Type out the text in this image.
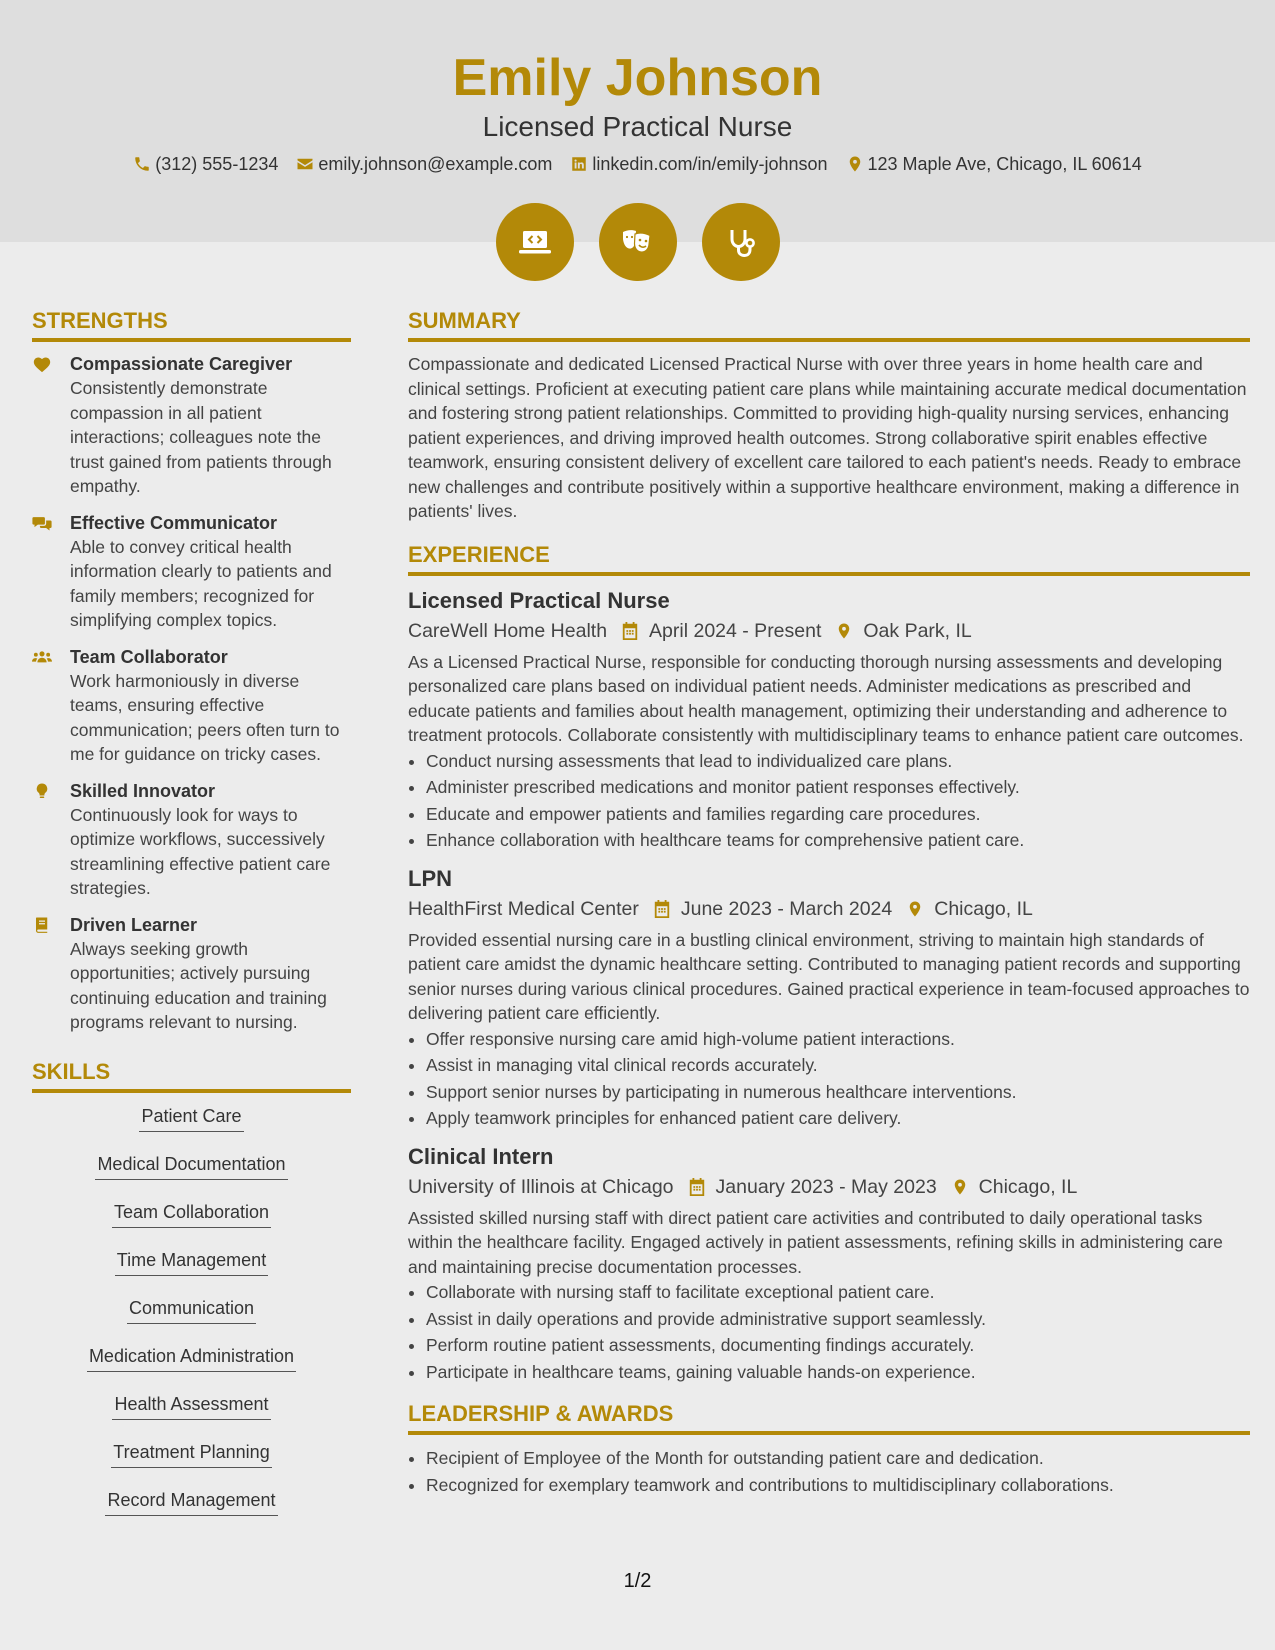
Emily Johnson
Licensed Practical Nurse
(312) 555-1234 emily.johnson@example.com linkedin.com/in/emily-johnson 123 Maple Ave, Chicago, IL 60614
STRENGTHS
Compassionate Caregiver
Consistently demonstrate compassion in all patient interactions; colleagues note the trust gained from patients through empathy.
Effective Communicator
Able to convey critical health information clearly to patients and family members; recognized for simplifying complex topics.
Team Collaborator
Work harmoniously in diverse teams, ensuring effective communication; peers often turn to me for guidance on tricky cases.
Skilled Innovator
Continuously look for ways to optimize workflows, successively streamlining effective patient care strategies.
Driven Learner
Always seeking growth opportunities; actively pursuing continuing education and training programs relevant to nursing.
SKILLS
Patient Care
Medical Documentation
Team Collaboration
Time Management
Communication
Medication Administration
Health Assessment
Treatment Planning
Record Management
SUMMARY

Compassionate and dedicated Licensed Practical Nurse with over three years in home health care and clinical settings. Proficient at executing patient care plans while maintaining accurate medical documentation and fostering strong patient relationships. Committed to providing high-quality nursing services, enhancing patient experiences, and driving improved health outcomes. Strong collaborative spirit enables effective teamwork, ensuring consistent delivery of excellent care tailored to each patient's needs. Ready to embrace new challenges and contribute positively within a supportive healthcare environment, making a difference in patients' lives.

EXPERIENCE
Licensed Practical Nurse
CareWell Home Health April 2024 - Present Oak Park, IL
As a Licensed Practical Nurse, responsible for conducting thorough nursing assessments and developing personalized care plans based on individual patient needs. Administer medications as prescribed and educate patients and families about health management, optimizing their understanding and adherence to treatment protocols. Collaborate consistently with multidisciplinary teams to enhance patient care outcomes.
• Conduct nursing assessments that lead to individualized care plans.
• Administer prescribed medications and monitor patient responses effectively.
• Educate and empower patients and families regarding care procedures.
• Enhance collaboration with healthcare teams for comprehensive patient care.
LPN
HealthFirst Medical Center June 2023 - March 2024 Chicago, IL
Provided essential nursing care in a bustling clinical environment, striving to maintain high standards of patient care amidst the dynamic healthcare setting. Contributed to managing patient records and supporting senior nurses during various clinical procedures. Gained practical experience in team-focused approaches to delivering patient care efficiently.
• Offer responsive nursing care amid high-volume patient interactions.
• Assist in managing vital clinical records accurately.
• Support senior nurses by participating in numerous healthcare interventions.
• Apply teamwork principles for enhanced patient care delivery.
Clinical Intern
University of Illinois at Chicago January 2023 - May 2023 Chicago, IL
Assisted skilled nursing staff with direct patient care activities and contributed to daily operational tasks within the healthcare facility. Engaged actively in patient assessments, refining skills in administering care and maintaining precise documentation processes.
• Collaborate with nursing staff to facilitate exceptional patient care.
• Assist in daily operations and provide administrative support seamlessly.
• Perform routine patient assessments, documenting findings accurately.
• Participate in healthcare teams, gaining valuable hands-on experience.
LEADERSHIP & AWARDS
• Recipient of Employee of the Month for outstanding patient care and dedication.
• Recognized for exemplary teamwork and contributions to multidisciplinary collaborations.
1/2
